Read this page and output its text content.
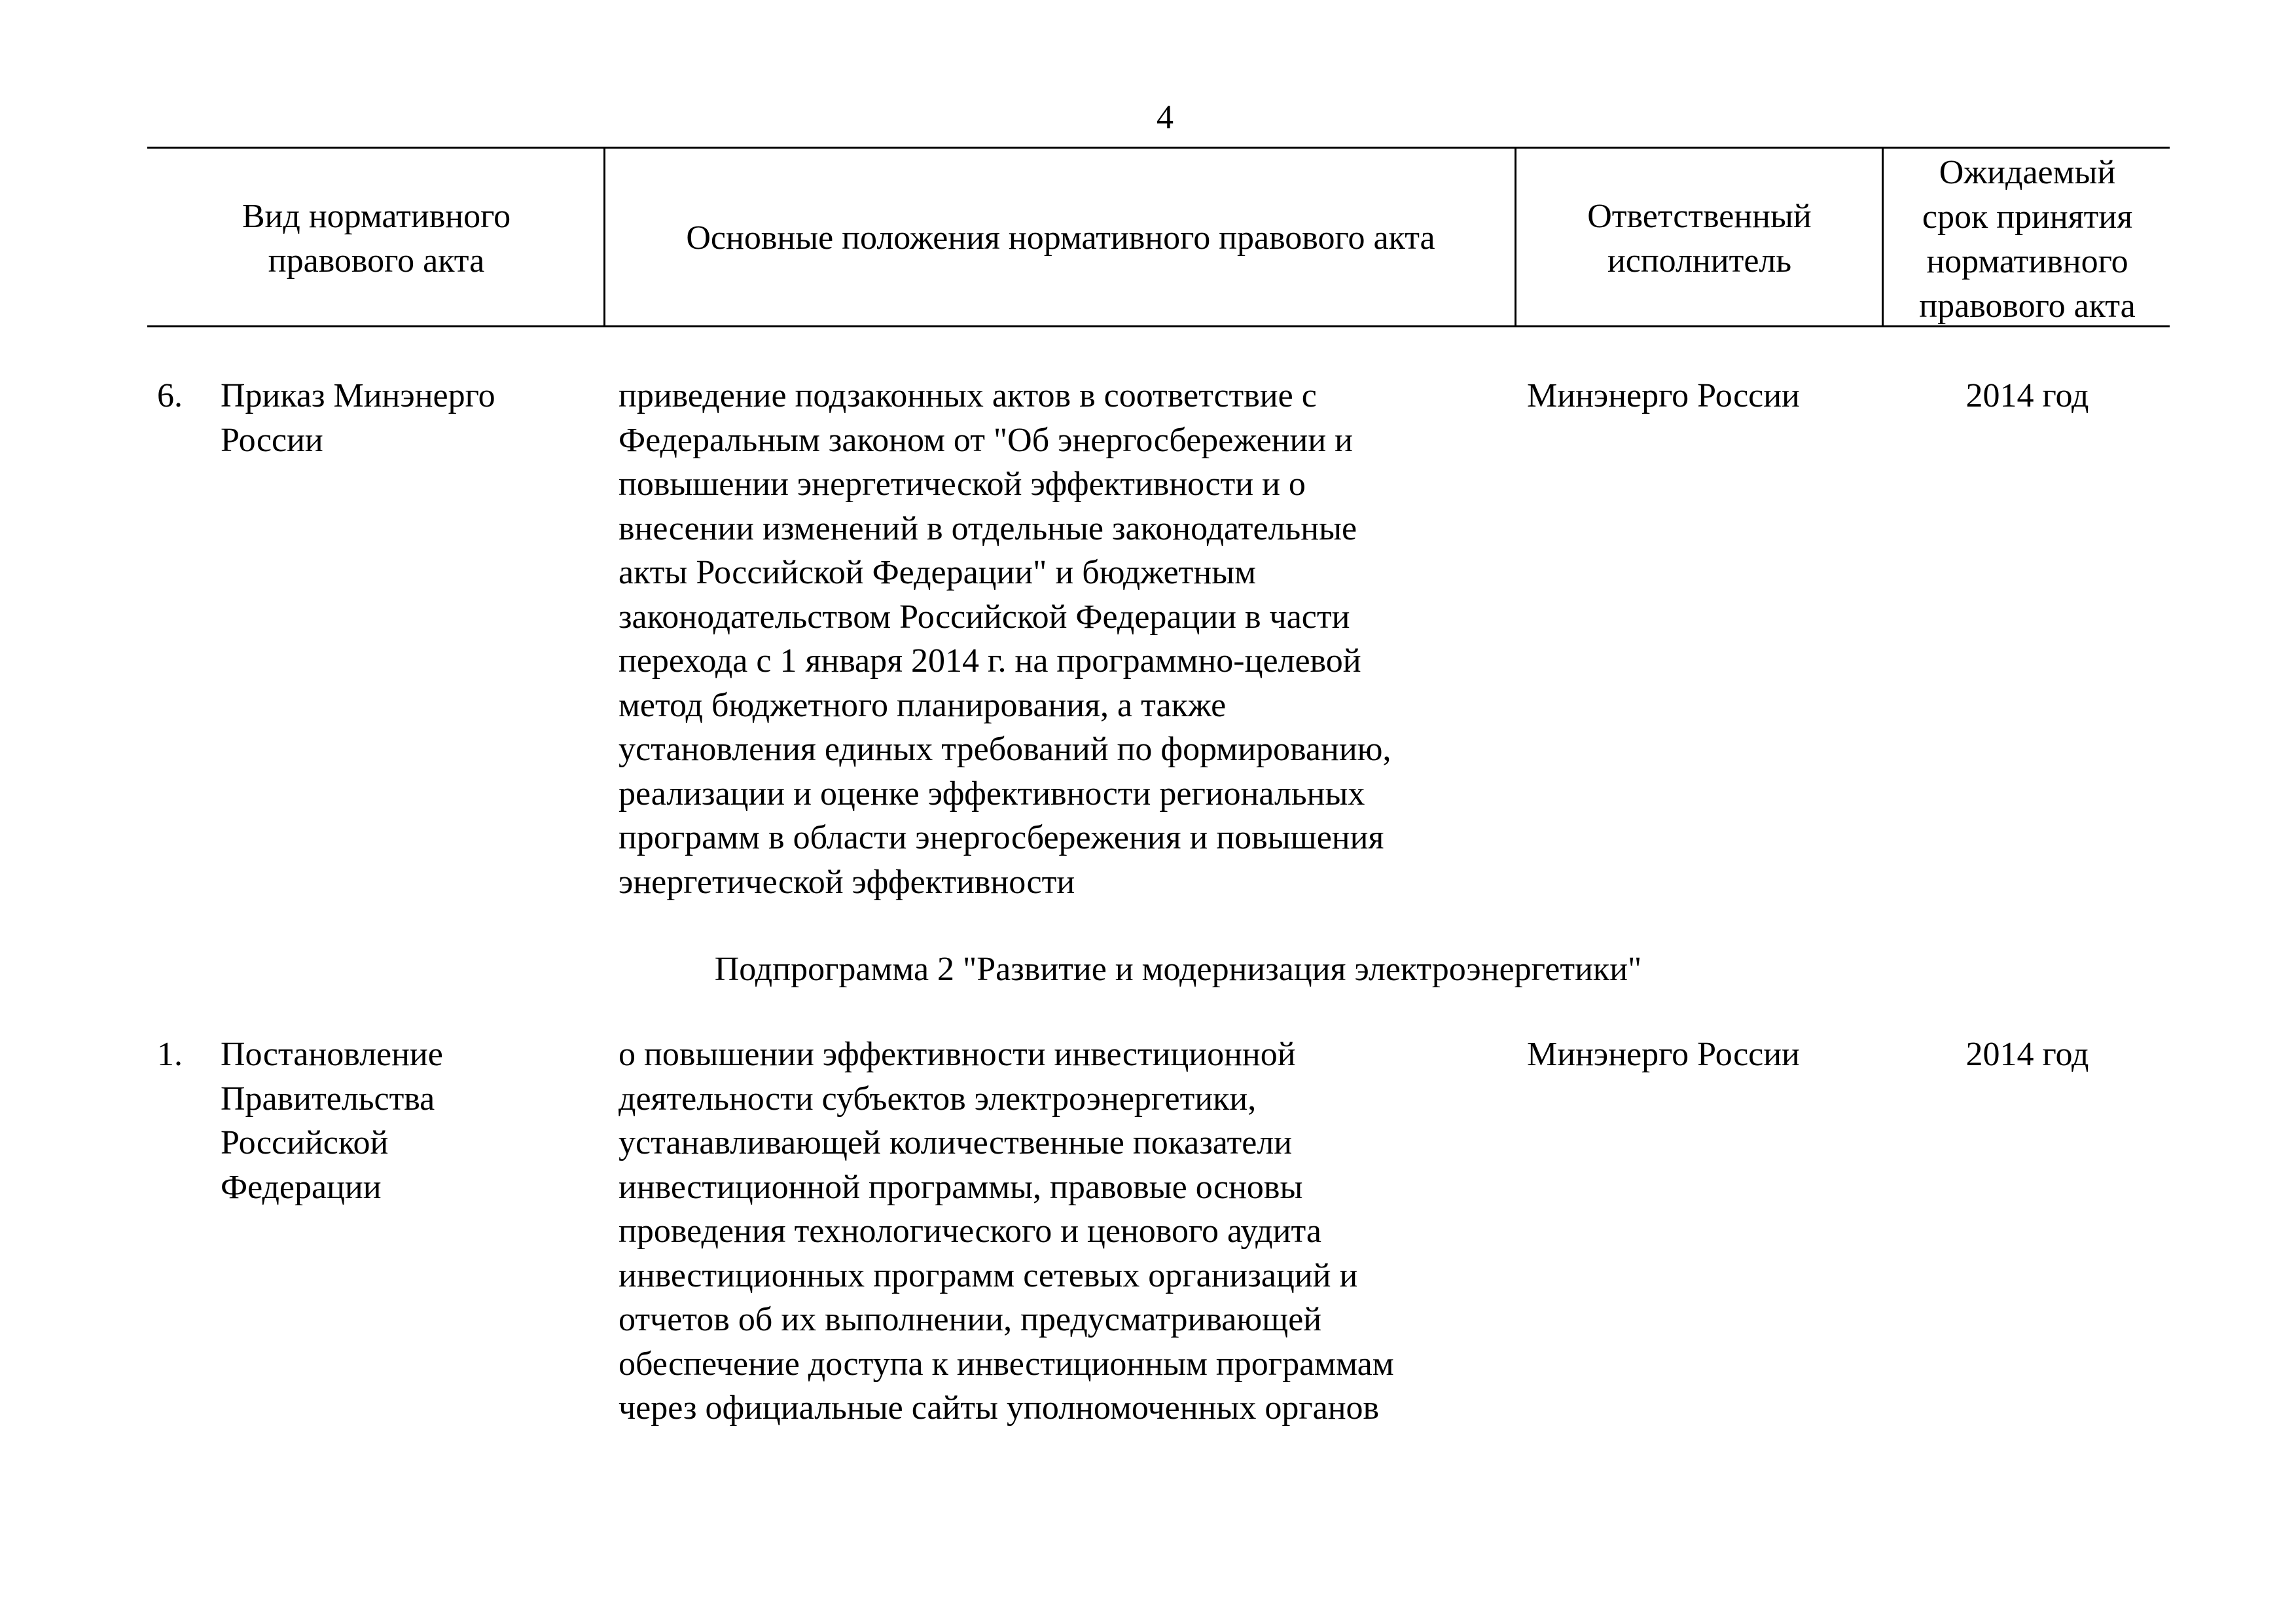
4
Вид нормативного
правового акта
Основные положения нормативного правового акта
Ответственный
исполнитель
Ожидаемый
срок принятия
нормативного
правового акта
6. Приказ Минэнерго
России
приведение подзаконных актов в соответствие с
Федеральным законом от "Об энергосбережении и
повышении энергетической эффективности и о
внесении изменений в отдельные законодательные
акты Российской Федерации" и бюджетным
законодательством Российской Федерации в части
перехода с 1 января 2014 г. на программно-целевой
метод бюджетного планирования, а также
установления единых требований по формированию,
реализации и оценке эффективности региональных
программ в области энергосбережения и повышения
энергетической эффективности
Минэнерго России	2014 год
Подпрограмма 2 "Развитие и модернизация электроэнергетики"
1. Постановление
Правительства
Российской
Федерации
о повышении эффективности инвестиционной
деятельности субъектов электроэнергетики,
устанавливающей количественные показатели
инвестиционной программы, правовые основы
проведения технологического и ценового аудита
инвестиционных программ сетевых организаций и
отчетов об их выполнении, предусматривающей
обеспечение доступа к инвестиционным программам
через официальные сайты уполномоченных органов
Минэнерго России	2014 год
